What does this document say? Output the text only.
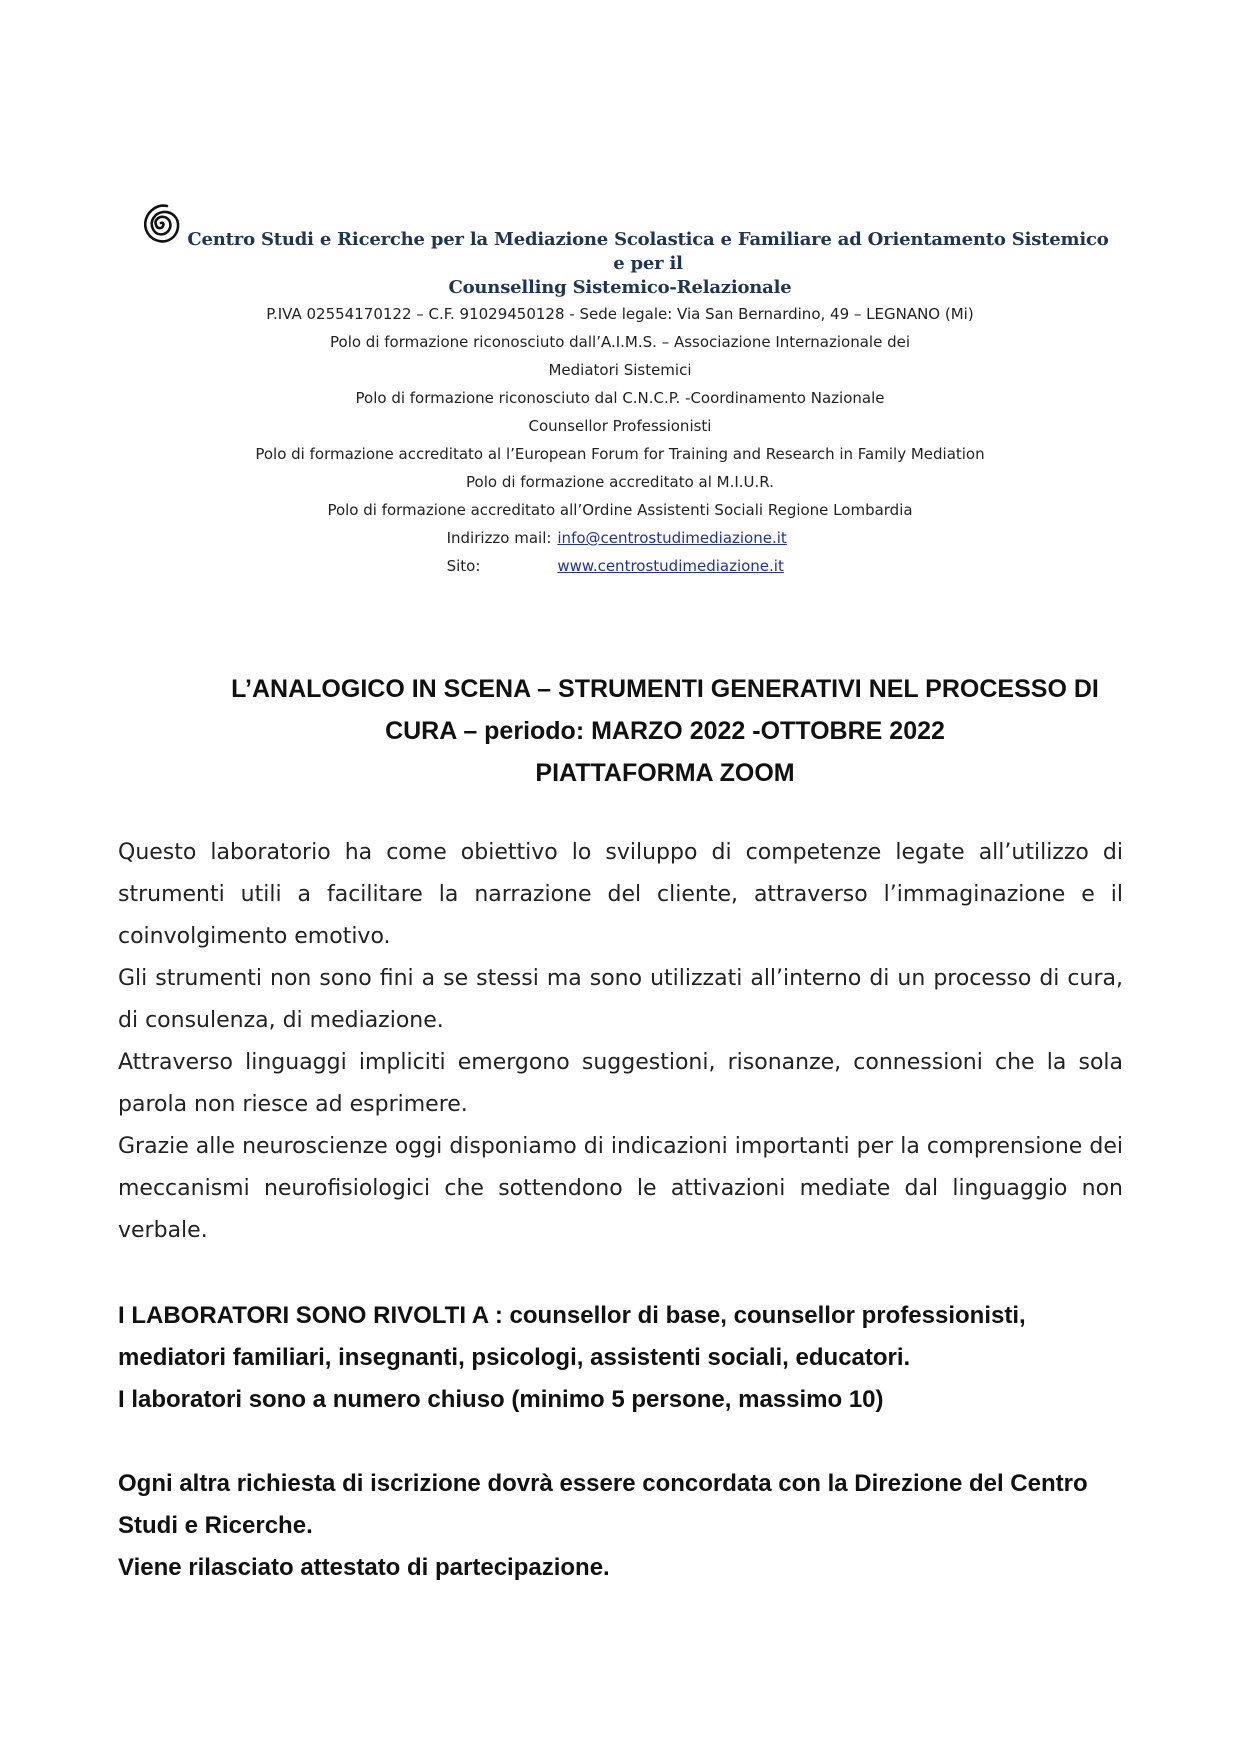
Centro Studi e Ricerche per la Mediazione Scolastica e Familiare ad Orientamento Sistemico e per il
Counselling Sistemico-Relazionale
P.IVA 02554170122 – C.F. 91029450128 - Sede legale: Via San Bernardino, 49 – LEGNANO (Mi)
Polo di formazione riconosciuto dall’A.I.M.S. – Associazione Internazionale dei
Mediatori Sistemici
Polo di formazione riconosciuto dal C.N.C.P. -Coordinamento Nazionale
Counsellor Professionisti
Polo di formazione accreditato al l’European Forum for Training and Research in Family Mediation
Polo di formazione accreditato al M.I.U.R.
Polo di formazione accreditato all’Ordine Assistenti Sociali Regione Lombardia
Indirizzo mail: info@centrostudimediazione.it
Sito:	www.centrostudimediazione.it
L’ANALOGICO IN SCENA – STRUMENTI GENERATIVI NEL PROCESSO DI
CURA – periodo: MARZO 2022 -OTTOBRE 2022
PIATTAFORMA ZOOM

Questo laboratorio ha come obiettivo lo sviluppo di competenze legate all’utilizzo di strumenti utili a facilitare la narrazione del cliente, attraverso l’immaginazione e il coinvolgimento emotivo.

Gli strumenti non sono fini a se stessi ma sono utilizzati all’interno di un processo di cura, di consulenza, di mediazione.

Attraverso linguaggi impliciti emergono suggestioni, risonanze, connessioni che la sola parola non riesce ad esprimere.

Grazie alle neuroscienze oggi disponiamo di indicazioni importanti per la comprensione dei meccanismi neurofisiologici che sottendono le attivazioni mediate dal linguaggio non verbale.

I LABORATORI SONO RIVOLTI A : counsellor di base, counsellor professionisti, mediatori familiari, insegnanti, psicologi, assistenti sociali, educatori.

I laboratori sono a numero chiuso (minimo 5 persone, massimo 10)

Ogni altra richiesta di iscrizione dovrà essere concordata con la Direzione del Centro Studi e Ricerche.

Viene rilasciato attestato di partecipazione.
